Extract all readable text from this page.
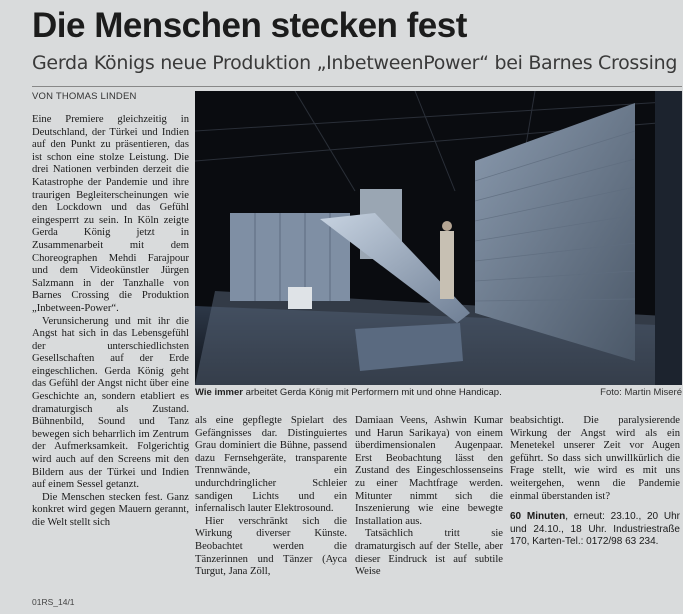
Die Menschen stecken fest
Gerda Königs neue Produktion „InbetweenPower“ bei Barnes Crossing
VON THOMAS LINDEN

Eine Premiere gleichzeitig in Deutschland, der Türkei und Indien auf den Punkt zu präsentieren, das ist schon eine stolze Leistung. Die drei Nationen verbinden derzeit die Katastrophe der Pandemie und ihre traurigen Begleiterscheinungen wie den Lockdown und das Gefühl eingesperrt zu sein. In Köln zeigte Gerda König jetzt in Zusammenarbeit mit dem Choreographen Mehdi Farajpour und dem Videokünstler Jürgen Salzmann in der Tanzhalle von Barnes Crossing die Produktion „Inbetween-Power“.

Verunsicherung und mit ihr die Angst hat sich in das Lebensgefühl der unterschiedlichsten Gesellschaften auf der Erde eingeschlichen. Gerda König geht das Gefühl der Angst nicht über eine Geschichte an, sondern etabliert es dramaturgisch als Zustand. Bühnenbild, Sound und Tanz bewegen sich beharrlich im Zentrum der Aufmerksamkeit. Folgerichtig wird auch auf den Screens mit den Bildern aus der Türkei und Indien auf einem Sessel getanzt.

Die Menschen stecken fest. Ganz konkret wird gegen Mauern gerannt, die Welt stellt sich

Wie immer arbeitet Gerda König mit Performern mit und ohne Handicap.	Foto: Martin Miseré

als eine gepflegte Spielart des Gefängnisses dar. Distinguiertes Grau dominiert die Bühne, passend dazu Fernsehgeräte, transparente Trennwände, ein undurchdringlicher Schleier sandigen Lichts und ein infernalisch lauter Elektrosound.

Hier verschränkt sich die Wirkung diverser Künste. Beobachtet werden die Tänzerinnen und Tänzer (Ayca Turgut, Jana Zöll,

Damiaan Veens, Ashwin Kumar und Harun Sarikaya) von einem überdimensionalen Augenpaar. Erst Beobachtung lässt den Zustand des Eingeschlossenseins zu einer Machtfrage werden. Mitunter nimmt sich die Inszenierung wie eine bewegte Installation aus.

Tatsächlich tritt sie dramaturgisch auf der Stelle, aber dieser Eindruck ist auf subtile Weise

beabsichtigt. Die paralysierende Wirkung der Angst wird als ein Menetekel unserer Zeit vor Augen geführt. So dass sich unwillkürlich die Frage stellt, wie wird es mit uns weitergehen, wenn die Pandemie einmal überstanden ist?

60 Minuten, erneut: 23.10., 20 Uhr und 24.10., 18 Uhr. Industriestraße 170, Karten-Tel.: 0172/98 63 234.

01RS_14/1
